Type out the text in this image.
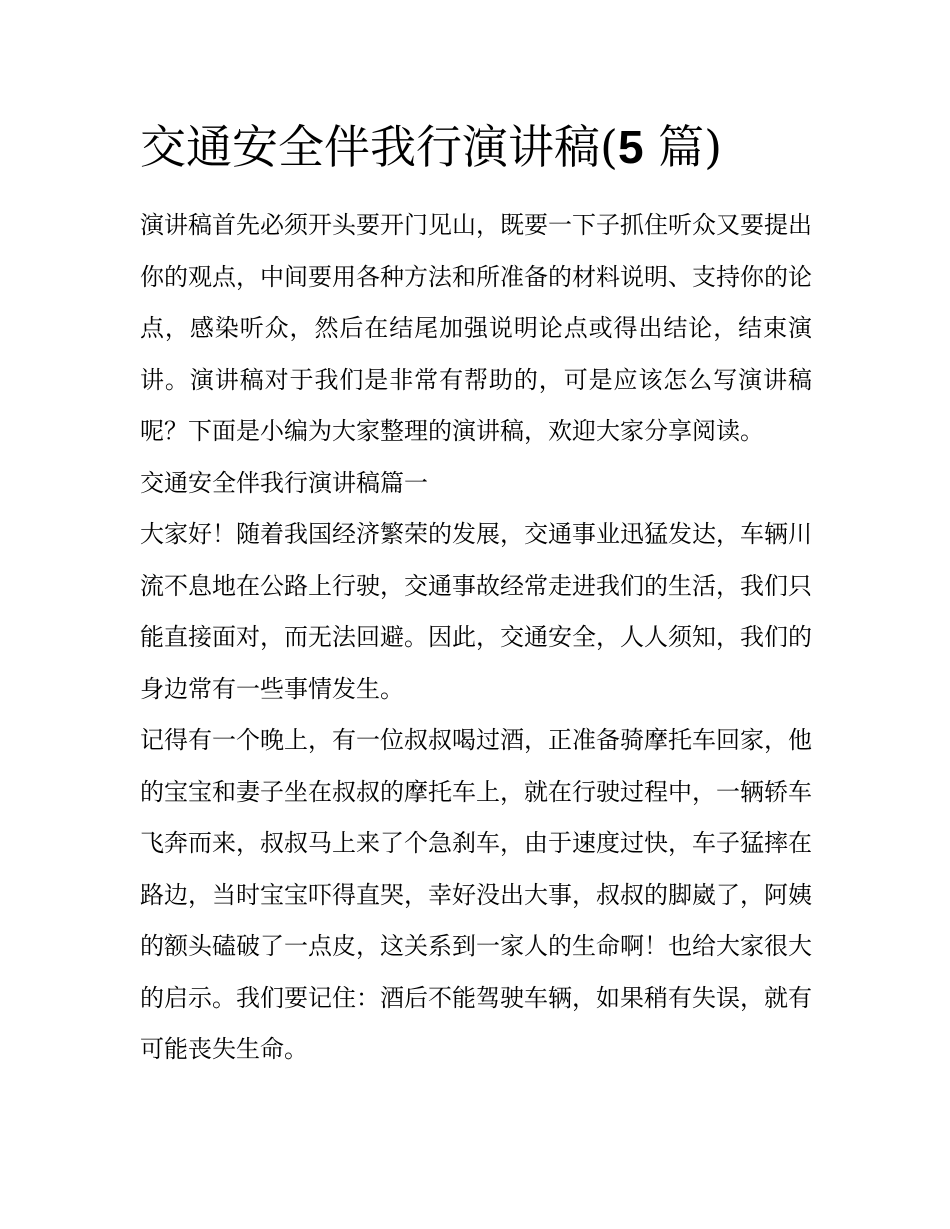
交通安全伴我行演讲稿(5 篇)

演讲稿首先必须开头要开门见山，既要一下子抓住听众又要提出你的观点，中间要用各种方法和所准备的材料说明、支持你的论点，感染听众，然后在结尾加强说明论点或得出结论，结束演讲。演讲稿对于我们是非常有帮助的，可是应该怎么写演讲稿呢？下面是小编为大家整理的演讲稿，欢迎大家分享阅读。

交通安全伴我行演讲稿篇一

大家好！随着我国经济繁荣的发展，交通事业迅猛发达，车辆川流不息地在公路上行驶，交通事故经常走进我们的生活，我们只能直接面对，而无法回避。因此，交通安全，人人须知，我们的身边常有一些事情发生。

记得有一个晚上，有一位叔叔喝过酒，正准备骑摩托车回家，他的宝宝和妻子坐在叔叔的摩托车上，就在行驶过程中，一辆轿车飞奔而来，叔叔马上来了个急刹车，由于速度过快，车子猛摔在路边，当时宝宝吓得直哭，幸好没出大事，叔叔的脚崴了，阿姨的额头磕破了一点皮，这关系到一家人的生命啊！也给大家很大的启示。我们要记住：酒后不能驾驶车辆，如果稍有失误，就有可能丧失生命。
